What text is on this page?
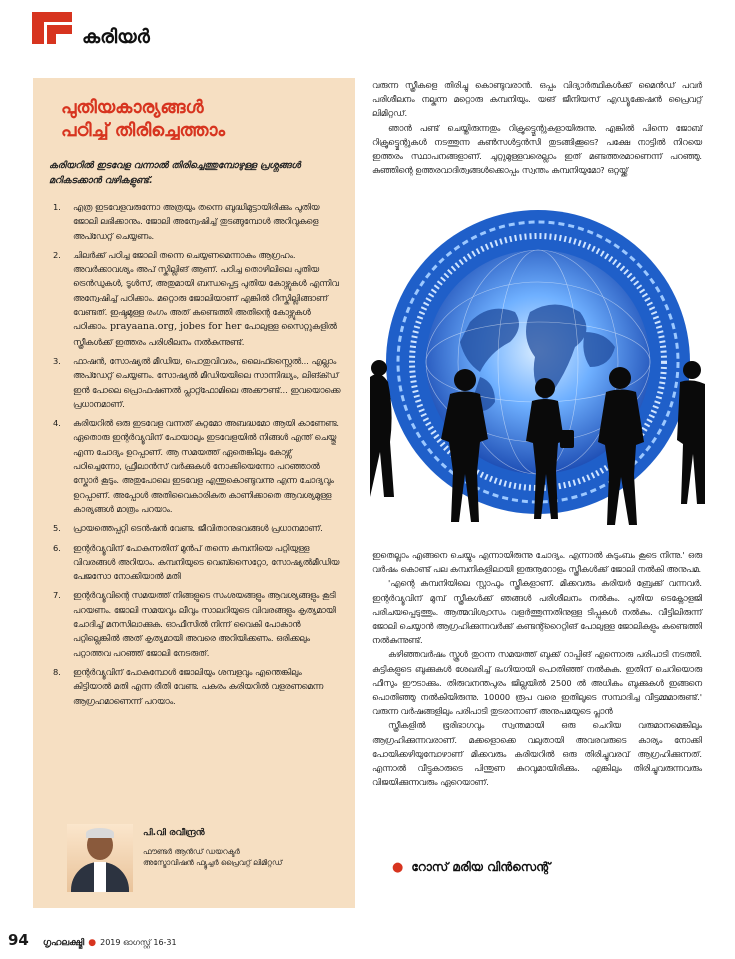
കരിയർ
പുതിയകാര്യങ്ങൾ
പഠിച്ച് തിരിച്ചെത്താം
കരിയറിൽ ഇടവേള വന്നാൽ തിരിച്ചെത്തുമ്പോഴുള്ള പ്രശ്നങ്ങൾ മറികടക്കാൻ വഴികളുണ്ട്.
1.	എത്ര ഇടവേളവരുന്നോ അത്രയും തന്നെ ബുദ്ധിമുട്ടായിരിക്കും പുതിയ ജോലി ലഭിക്കാനും. ജോലി അന്വേഷിച്ച് തുടങ്ങുമ്പോൾ അറിവുകളെ അപ്ഡേറ്റ് ചെയ്യണം.
2.	ചിലർക്ക് പഠിച്ച ജോലി തന്നെ ചെയ്യണമെന്നാകും ആഗ്രഹം. അവർക്കാവശ്യം അപ് സ്കില്ലിങ് ആണ്. പഠിച്ച തൊഴിലിലെ പുതിയ ട്രെൻഡുകൾ, ടൂൾസ്, അതുമായി ബന്ധപ്പെട്ട പുതിയ കോഴ്സുകൾ എന്നിവ അന്വേഷിച്ച് പഠിക്കാം. മറ്റൊരു ജോലിയാണ് എങ്കിൽ റീസ്കില്ലിങ്ങാണ് വേണ്ടത്. ഇഷ്ടമുള്ള രംഗം അത് കണ്ടെത്തി അതിന്റെ കോഴ്സുകൾ പഠിക്കാം. prayaana.org, jobes for her പോലുള്ള സൈറ്റുകളിൽ സ്ത്രീകൾക്ക് ഇത്തരം പരിശീലനം നൽകുന്നുണ്ട്.
3.	ഫാഷൻ, സോഷ്യൽ മീഡിയ, പൊതുവിവരം, ലൈഫ്സ്റ്റൈൽ... എല്ലാം അപ്ഡേറ്റ് ചെയ്യണം. സോഷ്യൽ മീഡിയയിലെ സാന്നിദ്ധ്യം, ലിങ്ക്ഡ് ഇൻ പോലെ പ്രൊഫഷണൽ പ്ലാറ്റ്ഫോമിലെ അക്കൗണ്ട്... ഇവയൊക്കെ പ്രധാനമാണ്.
4.	കരിയറിൽ ഒരു ഇടവേള വന്നത് കുറ്റമോ അബദ്ധമോ ആയി കാണേണ്ട. ഏതൊരു ഇന്റർവ്യൂവിന് പോയാലും ഇടവേളയിൽ നിങ്ങൾ എന്ത് ചെയ്തു എന്ന ചോദ്യം ഉറപ്പാണ്. ആ സമയത്ത് ഏതെങ്കിലും കോഴ്സ് പഠിച്ചെന്നോ, ഫ്രീലാൻസ് വർക്കുകൾ നോക്കിയെന്നോ പറഞ്ഞാൽ സ്കോർ കൂടും. അതുപോലെ ഇടവേള എന്തുകൊണ്ടുവന്നു എന്ന ചോദ്യവും ഉറപ്പാണ്. അപ്പോൾ അതിവൈകാരികത കാണിക്കാതെ ആവശ്യമുള്ള കാര്യങ്ങൾ മാത്രം പറയാം.
5.	പ്രായത്തെപ്പറ്റി ടെൻഷൻ വേണ്ട. ജീവിതാനുഭവങ്ങൾ പ്രധാനമാണ്.
6.	ഇന്റർവ്യൂവിന് പോകുന്നതിന് മുൻപ് തന്നെ കമ്പനിയെ പറ്റിയുള്ള വിവരങ്ങൾ അറിയാം. കമ്പനിയുടെ വെബ്സൈറ്റോ, സോഷ്യൽമീഡിയ പേജസോ നോക്കിയാൽ മതി
7.	ഇന്റർവ്യൂവിന്റെ സമയത്ത് നിങ്ങളുടെ സംശയങ്ങളും ആവശ്യങ്ങളും കൂടി പറയണം. ജോലി സമയവും ലീവും സാലറിയുടെ വിവരങ്ങളും കൃത്യമായി ചോദിച്ച് മനസിലാക്കുക. ഓഫീസിൽ നിന്ന് വൈകി പോകാൻ പറ്റില്ലെങ്കിൽ അത് കൃത്യമായി അവരെ അറിയിക്കണം. ഒരിക്കലും പറ്റാത്തവ പറഞ്ഞ് ജോലി നേടരുത്.
8.	ഇന്റർവ്യൂവിന് പോകുമ്പോൾ ജോലിയും ശമ്പളവും എന്തെങ്കിലും കിട്ടിയാൽ മതി എന്ന രീതി വേണ്ട. പകരം കരിയറിൽ വളരണമെന്ന ആഗ്രഹമാണെന്ന് പറയാം.
പി.വി രവീന്ദ്രൻ
ഫൗണ്ടർ ആൻഡ് ഡയറക്ടർ
അസ്ട്രോവിഷൻ ഫ്യൂച്ചർ പ്രൈവറ്റ് ലിമിറ്റഡ്

വരുന്ന സ്ത്രീകളെ തിരിച്ചു കൊണ്ടുവരാൻ. ഒപ്പം വിദ്യാർത്ഥികൾക്ക് മൈൻഡ് പവർ പരിശീലനം നല്കുന്ന മറ്റൊരു കമ്പനിയും. യങ് ജീനിയസ് എഡ്യൂക്കേഷൻ പ്രൈവറ്റ് ലിമിറ്റഡ്.

ഞാൻ പണ്ട് ചെയ്തിരുന്നതും റിക്രൂട്ട്മെന്റുകളായിരുന്നു. എങ്കിൽ പിന്നെ ജോബ് റിക്രൂട്ട്മെന്റുകൾ നടത്തുന്ന കൺസൾട്ടൻസി തുടങ്ങിക്കൂടെ? പക്ഷേ നാട്ടിൽ നിറയെ ഇത്തരം സ്ഥാപനങ്ങളാണ്. ചുറ്റുമുള്ളവരെല്ലാം ഇത് മണ്ടത്തരമാണെന്ന് പറഞ്ഞു. കുഞ്ഞിന്റെ ഉത്തരവാദിത്വങ്ങൾക്കൊപ്പം സ്വന്തം കമ്പനിയുമോ? ഒറ്റയ്ക്ക്

ഇതെല്ലാം എങ്ങനെ ചെയ്യും എന്നായിരുന്നു ചോദ്യം. എന്നാൽ കുടുംബം കൂടെ നിന്നു.' ഒരു വർഷം കൊണ്ട് പല കമ്പനികളിലായി ഇരുനൂറോളം സ്ത്രീകൾക്ക് ജോലി നൽകി അനുപമ.

'എന്റെ കമ്പനിയിലെ സ്റ്റാഫും സ്ത്രീകളാണ്. മിക്കവരും കരിയർ ബ്രേക്ക് വന്നവർ. ഇന്റർവ്യൂവിന് മുമ്പ് സ്ത്രീകൾക്ക് ഞങ്ങൾ പരിശീലനം നൽകും. പുതിയ ടെക്നോളജി പരിചയപ്പെടുത്തും. ആത്മവിശ്വാസം വളർത്തുന്നതിനുള്ള ടിപ്പുകൾ നൽകും. വീട്ടിലിരുന്ന് ജോലി ചെയ്യാൻ ആഗ്രഹിക്കുന്നവർക്ക് കണ്ടന്റ്റൈറ്റിങ് പോലുള്ള ജോലികളും കണ്ടെത്തി നൽകുന്നുണ്ട്.

കഴിഞ്ഞവർഷം സ്കൂൾ തുറന്ന സമയത്ത് ബുക്ക് റാപ്പിങ് എന്നൊരു പരിപാടി നടത്തി. കുട്ടികളുടെ ബുക്കുകൾ ശേഖരിച്ച് ഭംഗിയായി പൊതിഞ്ഞ് നൽകുക. ഇതിന് ചെറിയൊരു ഫീസും ഈടാക്കും. തിരുവനന്തപുരം ജില്ലയിൽ 2500 ൽ അധികം ബുക്കുകൾ ഇങ്ങനെ പൊതിഞ്ഞു നൽകിയിരുന്നു. 10000 രൂപ വരെ ഇതിലൂടെ സമ്പാദിച്ച വീട്ടമ്മമാരുണ്ട്.' വരുന്ന വർഷങ്ങളിലും പരിപാടി തുടരാനാണ് അനുപമയുടെ പ്ലാൻ

സ്ത്രീകളിൽ ഭൂരിഭാഗവും സ്വന്തമായി ഒരു ചെറിയ വരുമാനമെങ്കിലും ആഗ്രഹിക്കുന്നവരാണ്. മക്കളൊക്കെ വലുതായി അവരവരുടെ കാര്യം നോക്കി പോയിക്കഴിയുമ്പോഴാണ് മിക്കവരും കരിയറിൽ ഒരു തിരിച്ചുവരവ് ആഗ്രഹിക്കുന്നത്. എന്നാൽ വീട്ടുകാരുടെ പിന്തുണ കുറവുമായിരിക്കും. എങ്കിലും തിരിച്ചുവരുന്നവരും വിജയിക്കുന്നവരും ഏറെയാണ്.

● റോസ് മരിയ വിൻസെന്റ്
94 ഗൃഹലക്ഷ്മി ● 2019 ഓഗസ്റ്റ് 16-31
